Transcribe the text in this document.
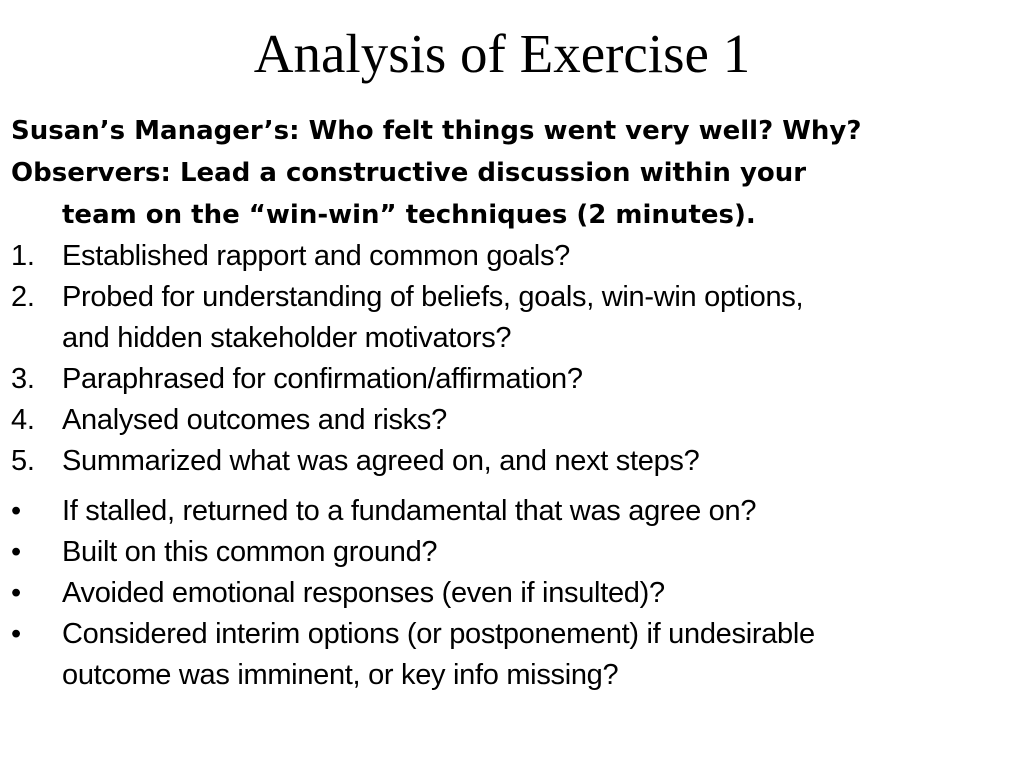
Analysis of Exercise 1
Susan’s Manager’s: Who felt things went very well? Why?
Observers: Lead a constructive discussion within your
team on the “win-win” techniques (2 minutes).
1. Established rapport and common goals?
2. Probed for understanding of beliefs, goals, win-win options,
and hidden stakeholder motivators?
3. Paraphrased for confirmation/affirmation?
4. Analysed outcomes and risks?
5. Summarized what was agreed on, and next steps?
•	If stalled, returned to a fundamental that was agree on?
•	Built on this common ground?
•	Avoided emotional responses (even if insulted)?
•	Considered interim options (or postponement) if undesirable
outcome was imminent, or key info missing?
